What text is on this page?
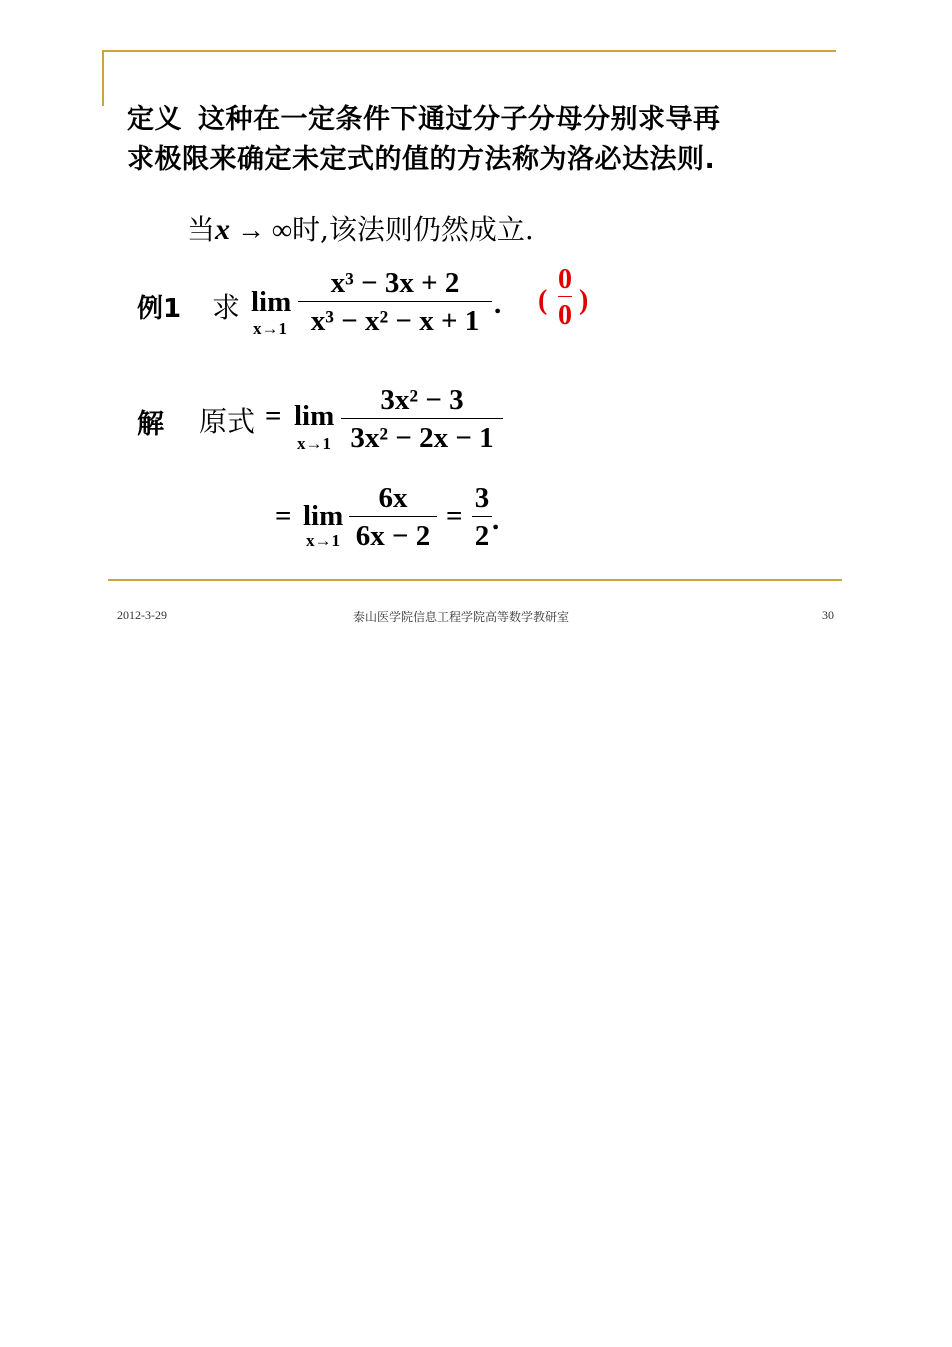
定义 这种在一定条件下通过分子分母分别求导再
求极限来确定未定式的值的方法称为洛必达法则.
当x → ∞时,该法则仍然成立.
例1 求 lim
x→1
x³ − 3x + 2
x³ − x² − x + 1
. (
0
0 )
解 原式 = lim
x→1
3x² − 3
3x² − 2x − 1
= lim
x→1
6x
6x − 2
=
3
2 .
2012-3-29	泰山医学院信息工程学院高等数学教研室	30
